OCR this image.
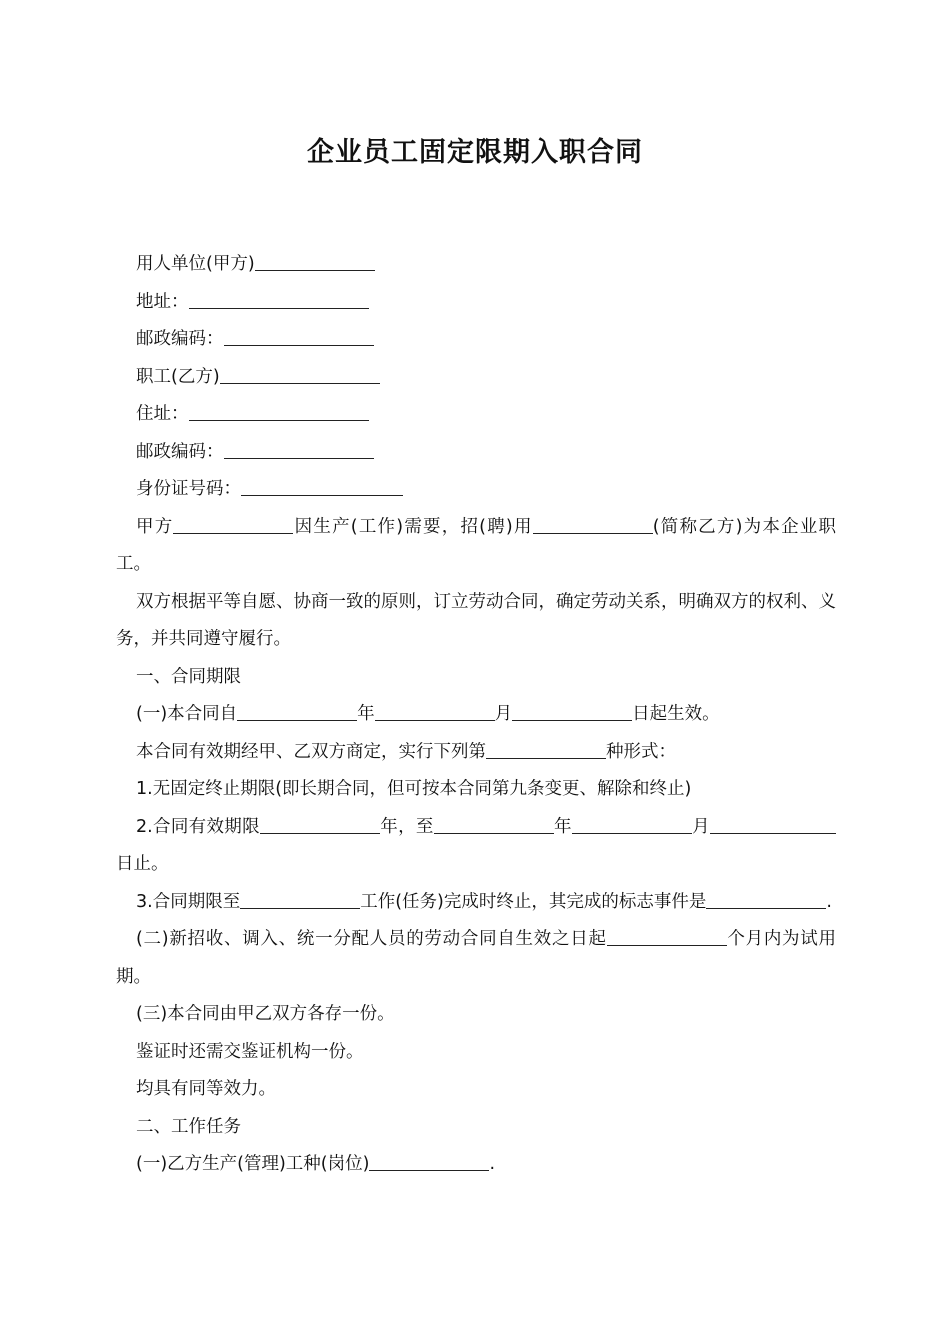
企业员工固定限期入职合同
用人单位(甲方)
地址：
邮政编码：
职工(乙方)
住址：
邮政编码：
身份证号码：
甲方	因生产(工作)需要，招(聘)用	(简称乙方)为本企业职工。
双方根据平等自愿、协商一致的原则，订立劳动合同，确定劳动关系，明确双方的权利、义务，并共同遵守履行。
一、合同期限
(一)本合同自	年	月	日起生效。
本合同有效期经甲、乙双方商定，实行下列第	种形式：
1.无固定终止期限(即长期合同，但可按本合同第九条变更、解除和终止)
2.合同有效期限	年，至	年	月日止。
3.合同期限至	工作(任务)完成时终止，其完成的标志事件是	.
(二)新招收、调入、统一分配人员的劳动合同自生效之日起	个月内为试用期。
(三)本合同由甲乙双方各存一份。
鉴证时还需交鉴证机构一份。
均具有同等效力。
二、工作任务
(一)乙方生产(管理)工种(岗位)	.
